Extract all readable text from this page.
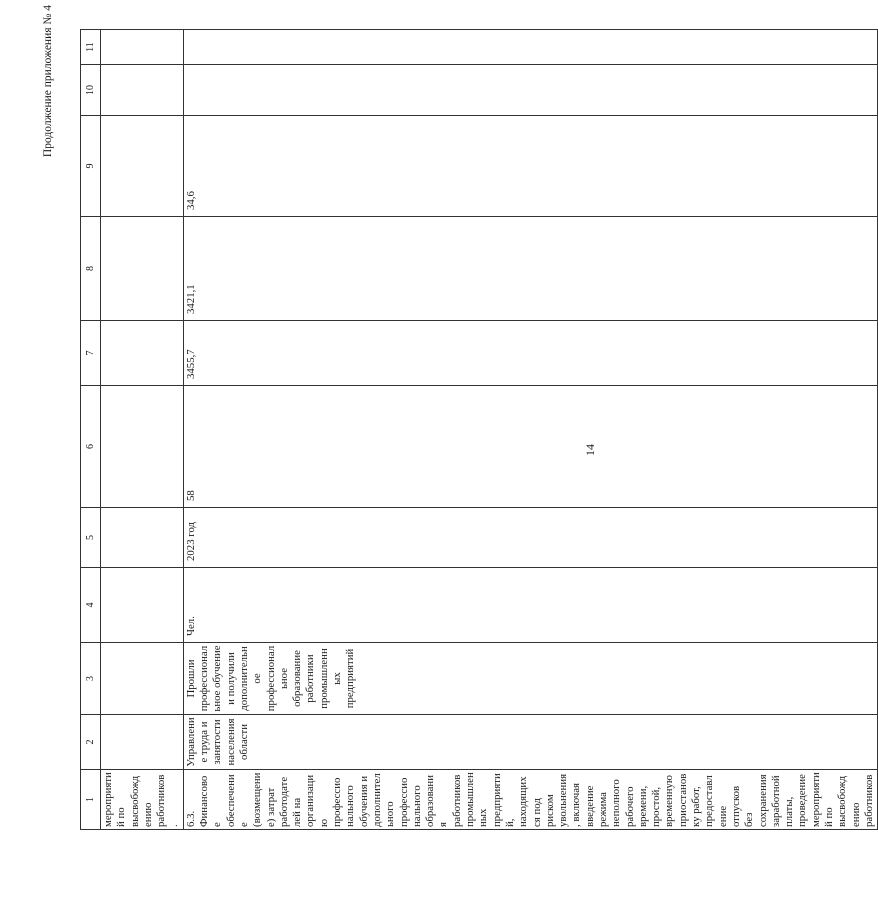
Продолжение приложения № 4
14
1	2	3	4	5	6	7	8	9	10	11
мероприятий по высвобождению работников.										
6.3. Финансовое обеспечение (возмещение) затрат работодателей на организацию профессионального обучения и дополнительного профессионального образования работников промышленных предприятий, находящихся под риском увольнения, включая введение режима неполного рабочего времени, простой, временную приостановку работ, предоставление отпусков без сохранения заработной платы, проведение мероприятий по высвобождению работников	Управление труда и занятости населения области	Прошли профессиональное обучение и получили дополнительное профессиональное образование работники промышленных предприятий	Чел.	2023 год	58	3455,7	3421,1	34,6		
